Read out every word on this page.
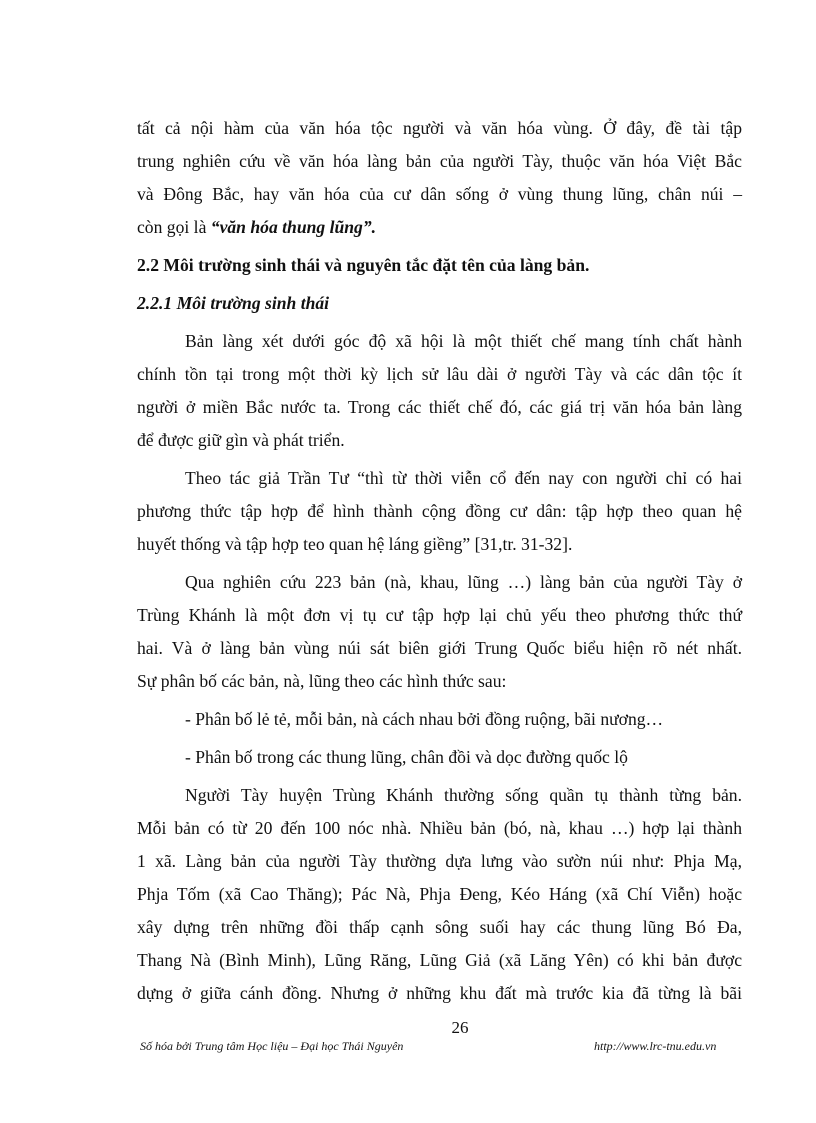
tất cả nội hàm của văn hóa tộc người và văn hóa vùng. Ở đây, đề tài tập
trung nghiên cứu về văn hóa làng bản của người Tày, thuộc văn hóa Việt Bắc
và Đông Bắc, hay văn hóa của cư dân sống ở vùng thung lũng, chân núi –
còn gọi là “văn hóa thung lũng”.
2.2 Môi trường sinh thái và nguyên tắc đặt tên của làng bản.
2.2.1 Môi trường sinh thái
Bản làng xét dưới góc độ xã hội là một thiết chế mang tính chất hành
chính tồn tại trong một thời kỳ lịch sử lâu dài ở người Tày và các dân tộc ít
người ở miền Bắc nước ta. Trong các thiết chế đó, các giá trị văn hóa bản làng
để được giữ gìn và phát triển.
Theo tác giả Trần Tư “thì từ thời viễn cổ đến nay con người chỉ có hai
phương thức tập hợp để hình thành cộng đồng cư dân: tập hợp theo quan hệ
huyết thống và tập hợp teo quan hệ láng giềng” [31,tr. 31-32].
Qua nghiên cứu 223 bản (nà, khau, lũng …) làng bản của người Tày ở
Trùng Khánh là một đơn vị tụ cư tập hợp lại chủ yếu theo phương thức thứ
hai. Và ở làng bản vùng núi sát biên giới Trung Quốc biểu hiện rõ nét nhất.
Sự phân bố các bản, nà, lũng theo các hình thức sau:
- Phân bố lẻ tẻ, mỗi bản, nà cách nhau bởi đồng ruộng, bãi nương…
- Phân bố trong các thung lũng, chân đồi và dọc đường quốc lộ
Người Tày huyện Trùng Khánh thường sống quần tụ thành từng bản.
Mỗi bản có từ 20 đến 100 nóc nhà. Nhiều bản (bó, nà, khau …) hợp lại thành
1 xã. Làng bản của người Tày thường dựa lưng vào sườn núi như: Phja Mạ,
Phja Tốm (xã Cao Thăng); Pác Nà, Phja Đeng, Kéo Háng (xã Chí Viễn) hoặc
xây dựng trên những đồi thấp cạnh sông suối hay các thung lũng Bó Đa,
Thang Nà (Bình Minh), Lũng Răng, Lũng Giả (xã Lăng Yên) có khi bản được
dựng ở giữa cánh đồng. Nhưng ở những khu đất mà trước kia đã từng là bãi
26
Số hóa bởi Trung tâm Học liệu – Đại học Thái Nguyên	http://www.lrc-tnu.edu.vn
